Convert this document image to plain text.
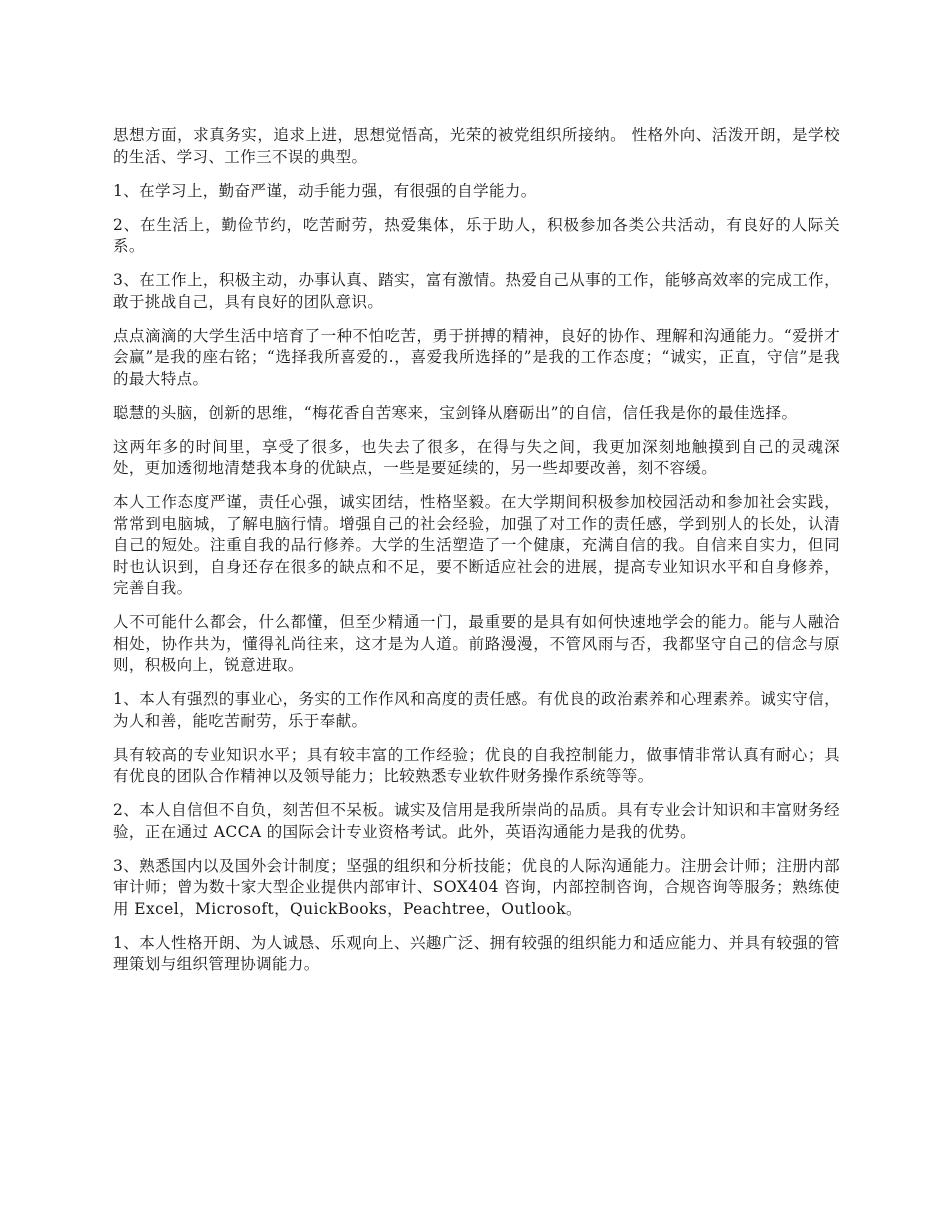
思想方面，求真务实，追求上进，思想觉悟高，光荣的被党组织所接纳。 性格外向、活泼开朗，是学校的生活、学习、工作三不误的典型。

1、在学习上，勤奋严谨，动手能力强，有很强的自学能力。

2、在生活上，勤俭节约，吃苦耐劳，热爱集体，乐于助人，积极参加各类公共活动，有良好的人际关系。

3、在工作上，积极主动，办事认真、踏实，富有激情。热爱自己从事的工作，能够高效率的完成工作，敢于挑战自己，具有良好的团队意识。

点点滴滴的大学生活中培育了一种不怕吃苦，勇于拼搏的精神，良好的协作、理解和沟通能力。“爱拼才会赢”是我的座右铭；“选择我所喜爱的.，喜爱我所选择的”是我的工作态度；“诚实，正直，守信”是我的最大特点。

聪慧的头脑，创新的思维，“梅花香自苦寒来，宝剑锋从磨砺出”的自信，信任我是你的最佳选择。

这两年多的时间里，享受了很多，也失去了很多，在得与失之间，我更加深刻地触摸到自己的灵魂深处，更加透彻地清楚我本身的优缺点，一些是要延续的，另一些却要改善，刻不容缓。

本人工作态度严谨，责任心强，诚实团结，性格坚毅。在大学期间积极参加校园活动和参加社会实践，常常到电脑城，了解电脑行情。增强自己的社会经验，加强了对工作的责任感，学到别人的长处，认清自己的短处。注重自我的品行修养。大学的生活塑造了一个健康，充满自信的我。自信来自实力，但同时也认识到，自身还存在很多的缺点和不足，要不断适应社会的进展，提高专业知识水平和自身修养，完善自我。

人不可能什么都会，什么都懂，但至少精通一门，最重要的是具有如何快速地学会的能力。能与人融洽相处，协作共为，懂得礼尚往来，这才是为人道。前路漫漫，不管风雨与否，我都坚守自己的信念与原则，积极向上，锐意进取。

1、本人有强烈的事业心，务实的工作作风和高度的责任感。有优良的政治素养和心理素养。诚实守信，为人和善，能吃苦耐劳，乐于奉献。

具有较高的专业知识水平；具有较丰富的工作经验；优良的自我控制能力，做事情非常认真有耐心；具有优良的团队合作精神以及领导能力；比较熟悉专业软件财务操作系统等等。

2、本人自信但不自负，刻苦但不呆板。诚实及信用是我所崇尚的品质。具有专业会计知识和丰富财务经验，正在通过 ACCA 的国际会计专业资格考试。此外，英语沟通能力是我的优势。

3、熟悉国内以及国外会计制度；坚强的组织和分析技能；优良的人际沟通能力。注册会计师；注册内部审计师；曾为数十家大型企业提供内部审计、SOX404 咨询，内部控制咨询，合规咨询等服务；熟练使用 Excel，Microsoft，QuickBooks，Peachtree，Outlook。

1、本人性格开朗、为人诚恳、乐观向上、兴趣广泛、拥有较强的组织能力和适应能力、并具有较强的管理策划与组织管理协调能力。
